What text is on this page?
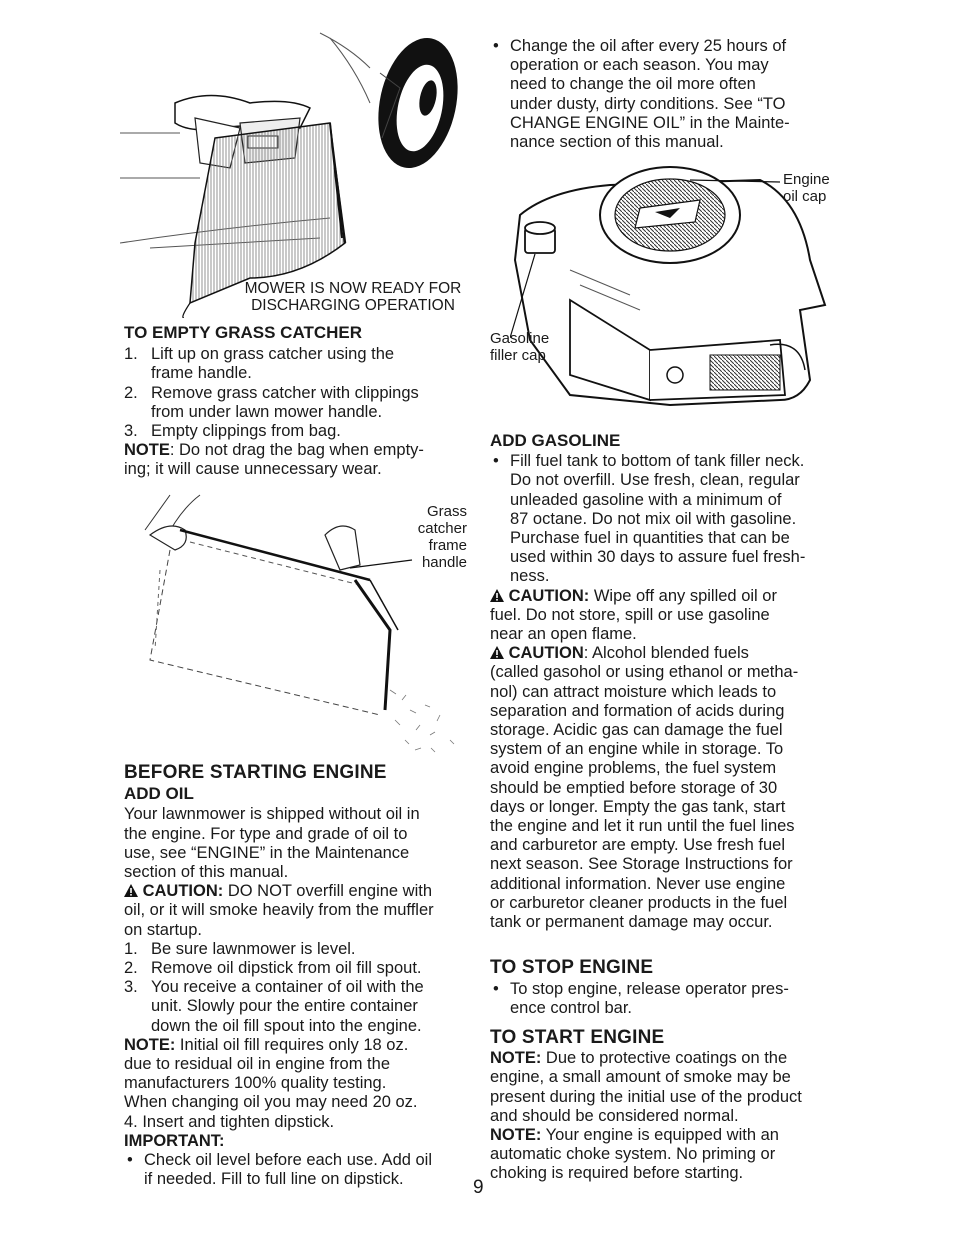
MOWER IS NOW READY FOR
DISCHARGING OPERATION
TO EMPTY GRASS CATCHER
1. Lift up on grass catcher using the
frame handle.
2. Remove grass catcher with clippings
from under lawn mower handle.
3. Empty clippings from bag.
NOTE: Do not drag the bag when empty-
ing; it will cause unnecessary wear.
Grass
catcher
frame
handle
BEFORE STARTING ENGINE
ADD OIL
Your lawnmower is shipped without oil in
the engine. For type and grade of oil to
use, see “ENGINE” in the Maintenance
section of this manual.
CAUTION: DO NOT overfill engine with
oil, or it will smoke heavily from the muffler
on startup.
1. Be sure lawnmower is level.
2. Remove oil dipstick from oil fill spout.
3. You receive a container of oil with the
unit. Slowly pour the entire container
down the oil fill spout into the engine.
NOTE: Initial oil fill requires only 18 oz.
due to residual oil in engine from the
manufacturers 100% quality testing.
When changing oil you may need 20 oz.
4. Insert and tighten dipstick.
IMPORTANT:
• Check oil level before each use. Add oil
if needed. Fill to full line on dipstick.	9
• Change the oil after every 25 hours of
operation or each season. You may
need to change the oil more often
under dusty, dirty conditions. See “TO
CHANGE ENGINE OIL” in the Mainte-
nance section of this manual.
Engine
oil cap
Gasoline
filler cap
ADD GASOLINE
• Fill fuel tank to bottom of tank filler neck.
Do not overfill. Use fresh, clean, regular
unleaded gasoline with a minimum of
87 octane. Do not mix oil with gasoline.
Purchase fuel in quantities that can be
used within 30 days to assure fuel fresh-
ness.
CAUTION: Wipe off any spilled oil or
fuel. Do not store, spill or use gasoline
near an open flame.
CAUTION: Alcohol blended fuels
(called gasohol or using ethanol or metha-
nol) can attract moisture which leads to
separation and formation of acids during
storage. Acidic gas can damage the fuel
system of an engine while in storage. To
avoid engine problems, the fuel system
should be emptied before storage of 30
days or longer. Empty the gas tank, start
the engine and let it run until the fuel lines
and carburetor are empty. Use fresh fuel
next season. See Storage Instructions for
additional information. Never use engine
or carburetor cleaner products in the fuel
tank or permanent damage may occur.
TO STOP ENGINE
• To stop engine, release operator pres-
ence control bar.
TO START ENGINE
NOTE: Due to protective coatings on the
engine, a small amount of smoke may be
present during the initial use of the product
and should be considered normal.
NOTE: Your engine is equipped with an
automatic choke system. No priming or
choking is required before starting.
